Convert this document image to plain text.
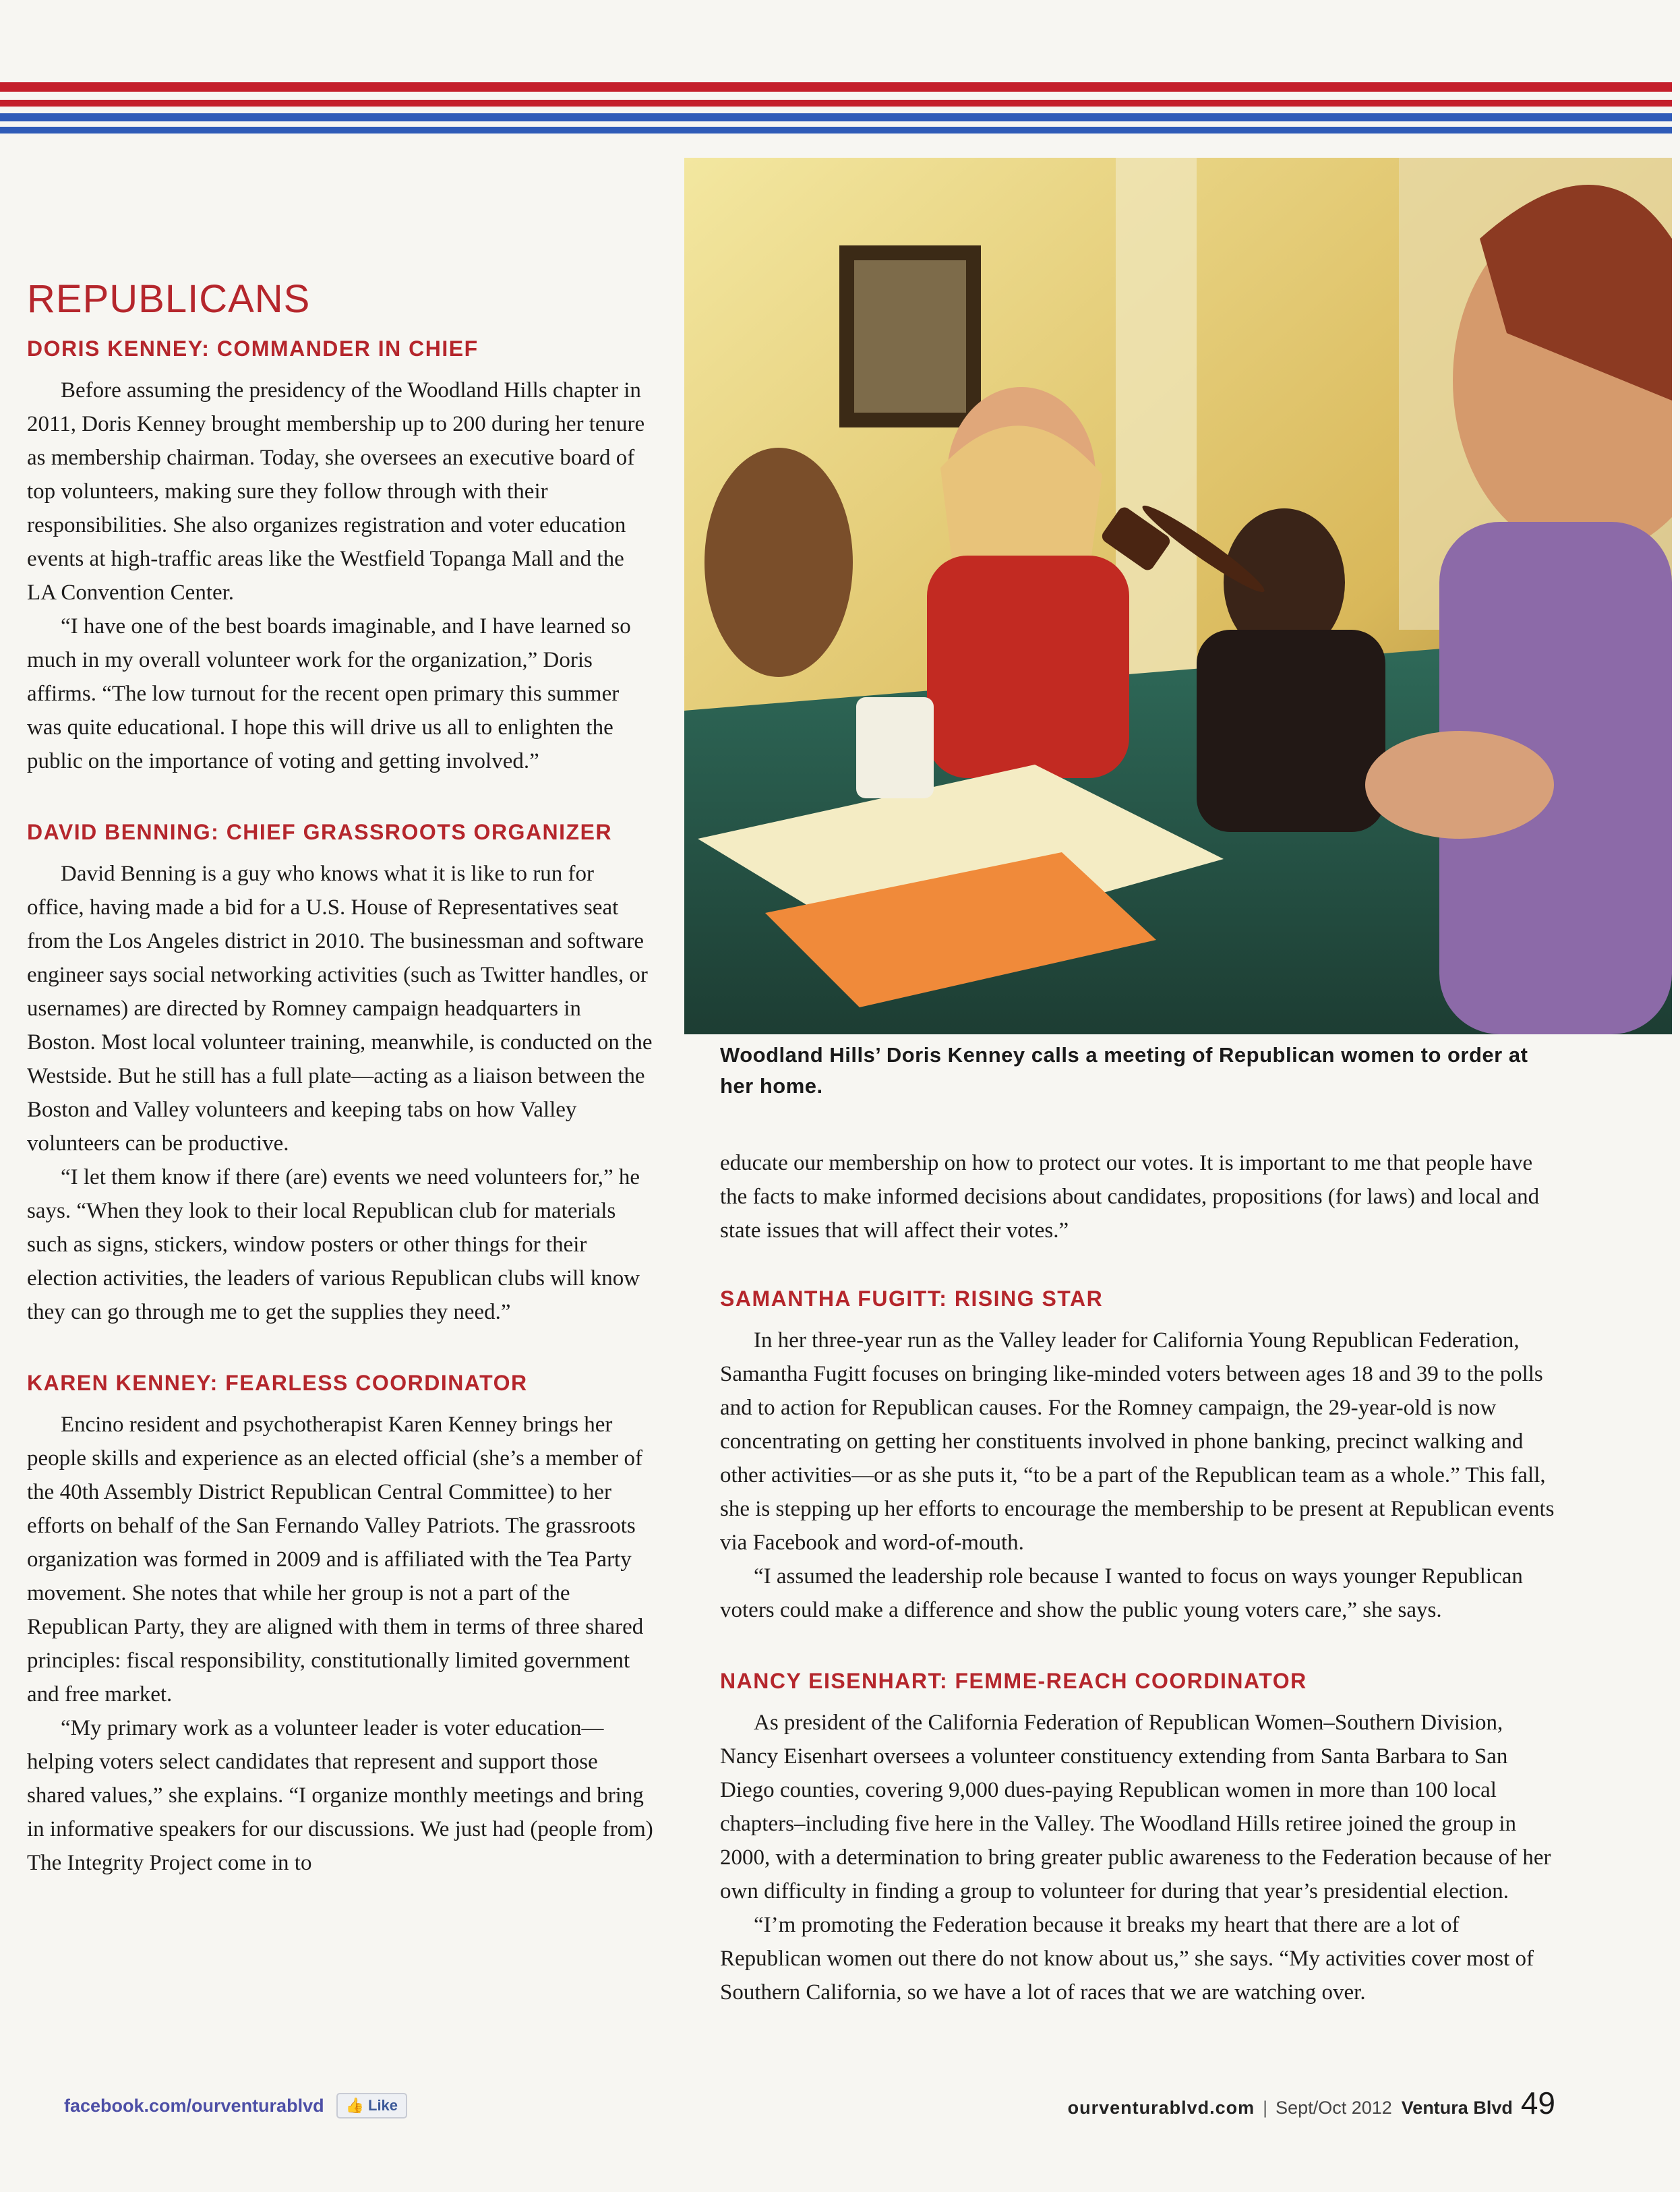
REPUBLICANS
DORIS KENNEY: COMMANDER IN CHIEF

Before assuming the presidency of the Woodland Hills chapter in 2011, Doris Kenney brought membership up to 200 during her tenure as membership chairman. Today, she oversees an executive board of top volunteers, making sure they follow through with their responsibilities. She also organizes registration and voter education events at high-traffic areas like the Westfield Topanga Mall and the LA Convention Center.

“I have one of the best boards imaginable, and I have learned so much in my overall volunteer work for the organization,” Doris affirms. “The low turnout for the recent open primary this summer was quite educational. I hope this will drive us all to enlighten the public on the importance of voting and getting involved.”

DAVID BENNING: CHIEF GRASSROOTS ORGANIZER

David Benning is a guy who knows what it is like to run for office, having made a bid for a U.S. House of Representatives seat from the Los Angeles district in 2010. The businessman and software engineer says social networking activities (such as Twitter handles, or usernames) are directed by Romney campaign headquarters in Boston. Most local volunteer training, meanwhile, is conducted on the Westside. But he still has a full plate—acting as a liaison between the Boston and Valley volunteers and keeping tabs on how Valley volunteers can be productive.

“I let them know if there (are) events we need volunteers for,” he says. “When they look to their local Republican club for materials such as signs, stickers, window posters or other things for their election activities, the leaders of various Republican clubs will know they can go through me to get the supplies they need.”

KAREN KENNEY: FEARLESS COORDINATOR

Encino resident and psychotherapist Karen Kenney brings her people skills and experience as an elected official (she’s a member of the 40th Assembly District Republican Central Committee) to her efforts on behalf of the San Fernando Valley Patriots. The grassroots organization was formed in 2009 and is affiliated with the Tea Party movement. She notes that while her group is not a part of the Republican Party, they are aligned with them in terms of three shared principles: fiscal responsibility, constitutionally limited government and free market.

“My primary work as a volunteer leader is voter education—helping voters select candidates that represent and support those shared values,” she explains. “I organize monthly meetings and bring in informative speakers for our discussions. We just had (people from) The Integrity Project come in to

Woodland Hills’ Doris Kenney calls a meeting of Republican women to order at her home.

educate our membership on how to protect our votes. It is important to me that people have the facts to make informed decisions about candidates, propositions (for laws) and local and state issues that will affect their votes.”

SAMANTHA FUGITT: RISING STAR

In her three-year run as the Valley leader for California Young Republican Federation, Samantha Fugitt focuses on bringing like-minded voters between ages 18 and 39 to the polls and to action for Republican causes. For the Romney campaign, the 29-year-old is now concentrating on getting her constituents involved in phone banking, precinct walking and other activities—or as she puts it, “to be a part of the Republican team as a whole.” This fall, she is stepping up her efforts to encourage the membership to be present at Republican events via Facebook and word-of-mouth.

“I assumed the leadership role because I wanted to focus on ways younger Republican voters could make a difference and show the public young voters care,” she says.

NANCY EISENHART: FEMME-REACH COORDINATOR

As president of the California Federation of Republican Women–Southern Division, Nancy Eisenhart oversees a volunteer constituency extending from Santa Barbara to San Diego counties, covering 9,000 dues-paying Republican women in more than 100 local chapters–including five here in the Valley. The Woodland Hills retiree joined the group in 2000, with a determination to bring greater public awareness to the Federation because of her own difficulty in finding a group to volunteer for during that year’s presidential election.

“I’m promoting the Federation because it breaks my heart that there are a lot of Republican women out there do not know about us,” she says. “My activities cover most of Southern California, so we have a lot of races that we are watching over.

facebook.com/ourventurablvd 👍 Like	ourventurablvd.com | Sept/Oct 2012 Ventura Blvd 49
